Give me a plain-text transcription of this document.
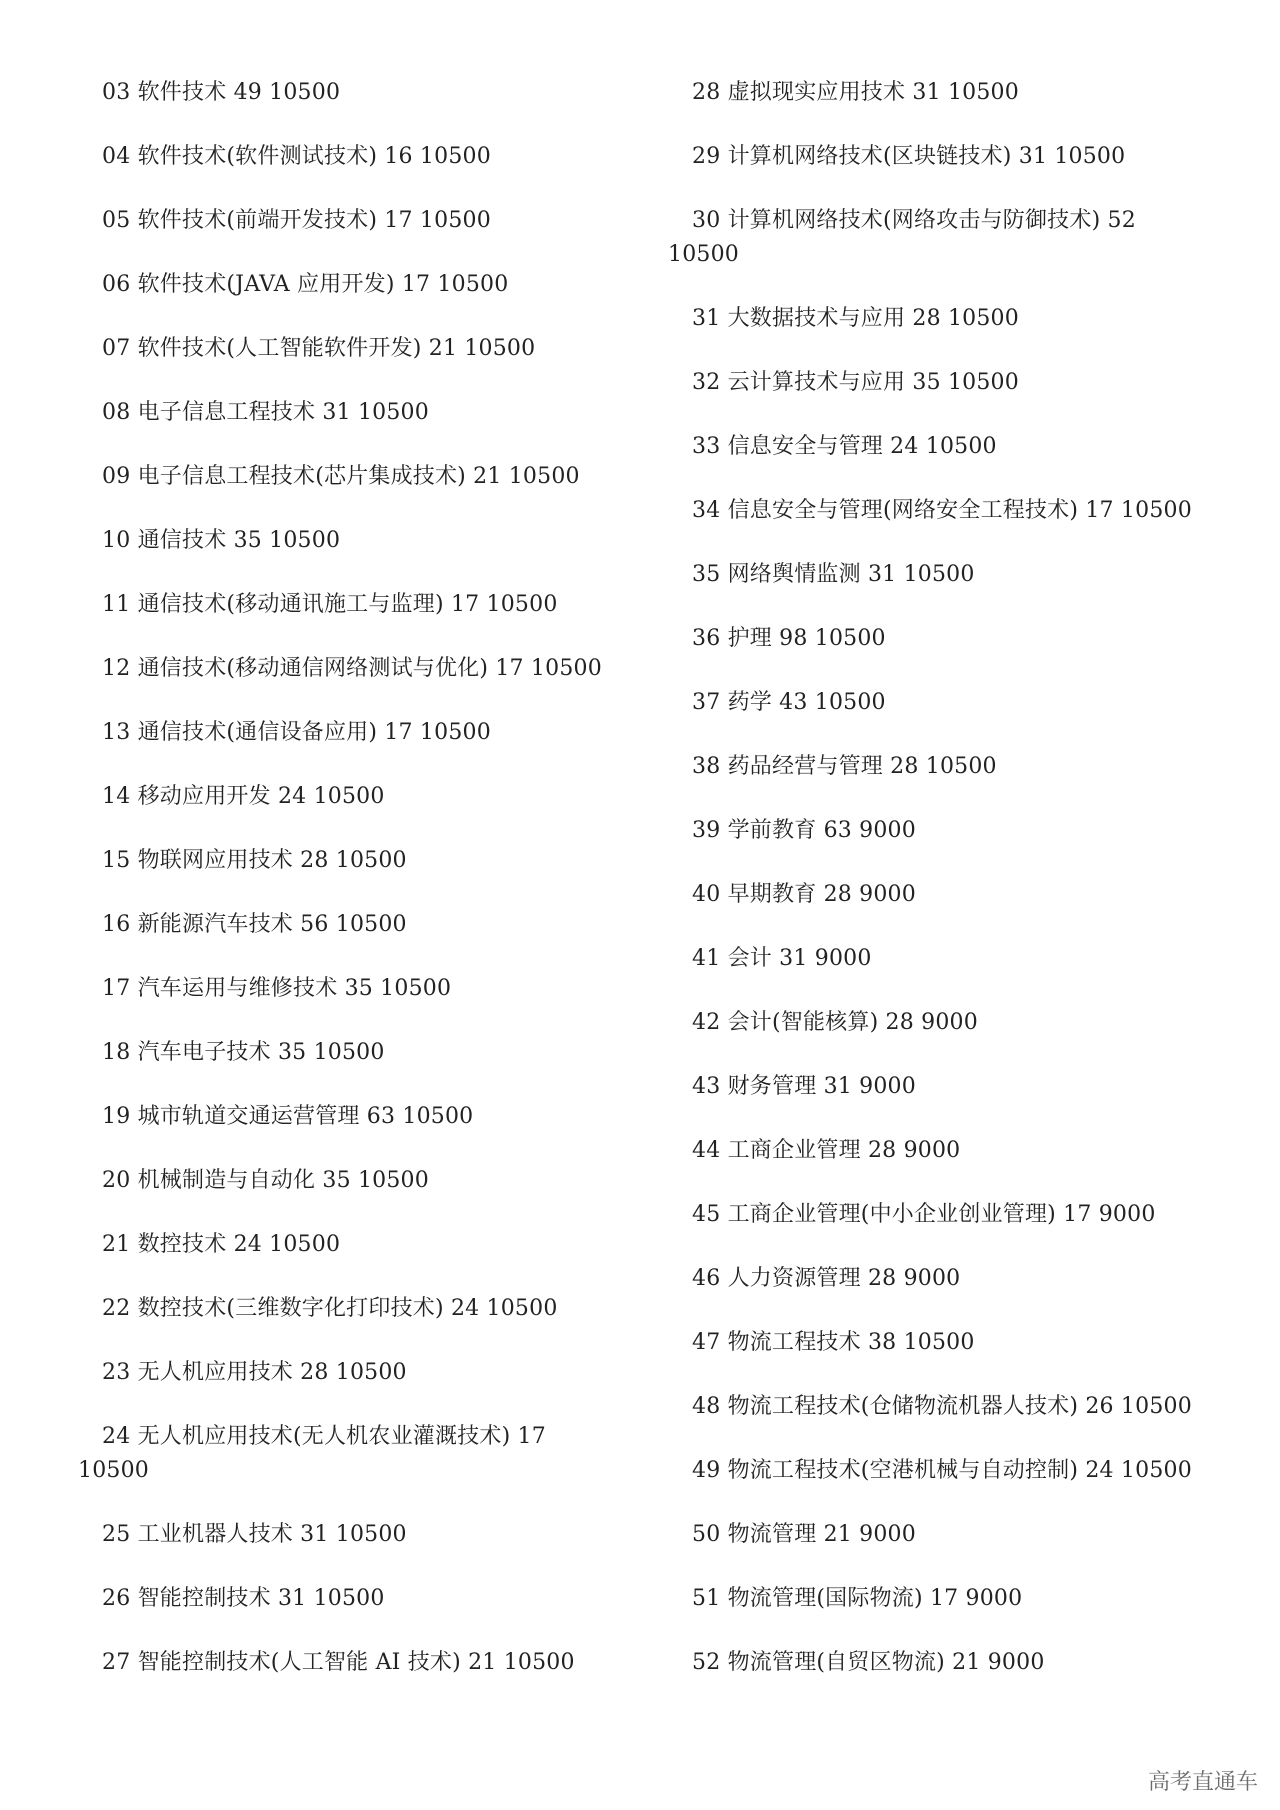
03 软件技术 49 10500
04 软件技术(软件测试技术) 16 10500
05 软件技术(前端开发技术) 17 10500
06 软件技术(JAVA 应用开发) 17 10500
07 软件技术(人工智能软件开发) 21 10500
08 电子信息工程技术 31 10500
09 电子信息工程技术(芯片集成技术) 21 10500
10 通信技术 35 10500
11 通信技术(移动通讯施工与监理) 17 10500
12 通信技术(移动通信网络测试与优化) 17 10500
13 通信技术(通信设备应用) 17 10500
14 移动应用开发 24 10500
15 物联网应用技术 28 10500
16 新能源汽车技术 56 10500
17 汽车运用与维修技术 35 10500
18 汽车电子技术 35 10500
19 城市轨道交通运营管理 63 10500
20 机械制造与自动化 35 10500
21 数控技术 24 10500
22 数控技术(三维数字化打印技术) 24 10500
23 无人机应用技术 28 10500
24 无人机应用技术(无人机农业灌溉技术) 17 10500
25 工业机器人技术 31 10500
26 智能控制技术 31 10500
27 智能控制技术(人工智能 AI 技术) 21 10500
28 虚拟现实应用技术 31 10500
29 计算机网络技术(区块链技术) 31 10500
30 计算机网络技术(网络攻击与防御技术) 52 10500
31 大数据技术与应用 28 10500
32 云计算技术与应用 35 10500
33 信息安全与管理 24 10500
34 信息安全与管理(网络安全工程技术) 17 10500
35 网络舆情监测 31 10500
36 护理 98 10500
37 药学 43 10500
38 药品经营与管理 28 10500
39 学前教育 63 9000
40 早期教育 28 9000
41 会计 31 9000
42 会计(智能核算) 28 9000
43 财务管理 31 9000
44 工商企业管理 28 9000
45 工商企业管理(中小企业创业管理) 17 9000
46 人力资源管理 28 9000
47 物流工程技术 38 10500
48 物流工程技术(仓储物流机器人技术) 26 10500
49 物流工程技术(空港机械与自动控制) 24 10500
50 物流管理 21 9000
51 物流管理(国际物流) 17 9000
52 物流管理(自贸区物流) 21 9000
高考直通车
